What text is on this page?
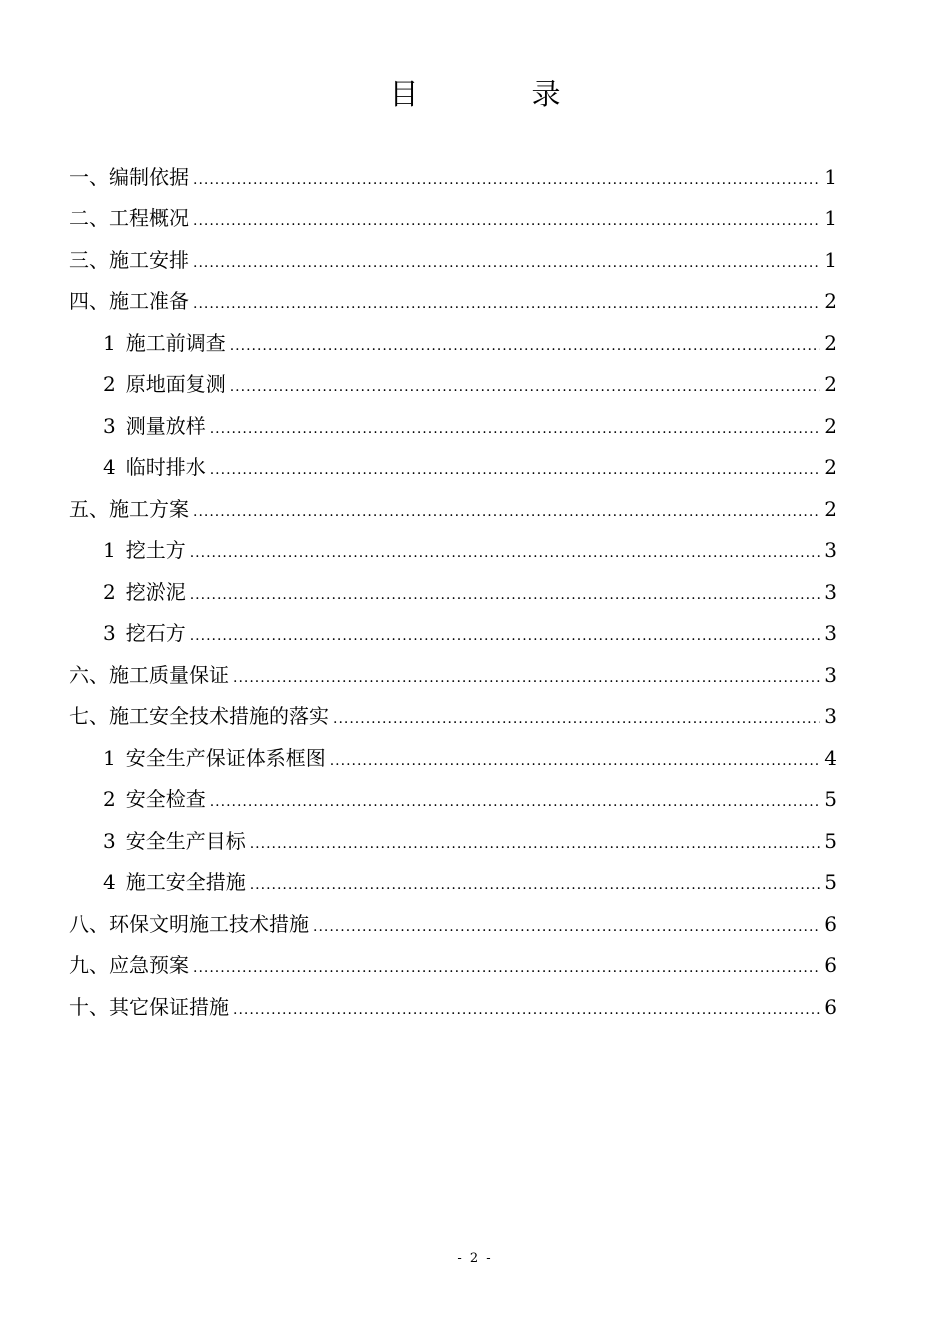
目　录
一、编制依据 .....	1
二、工程概况 .....	1
三、施工安排 .....	1
四、施工准备 .....	2
1 施工前调查 .....	2
2 原地面复测 .....	2
3 测量放样 .....	2
4 临时排水 .....	2
五、施工方案 .....	2
1 挖土方 .....	3
2 挖淤泥 .....	3
3 挖石方 .....	3
六、施工质量保证 .....	3
七、施工安全技术措施的落实 .....	3
1 安全生产保证体系框图 .....	4
2 安全检查 .....	5
3 安全生产目标 .....	5
4 施工安全措施 .....	5
八、环保文明施工技术措施 .....	6
九、应急预案 .....	6
十、其它保证措施 .....	6
- 2 -
